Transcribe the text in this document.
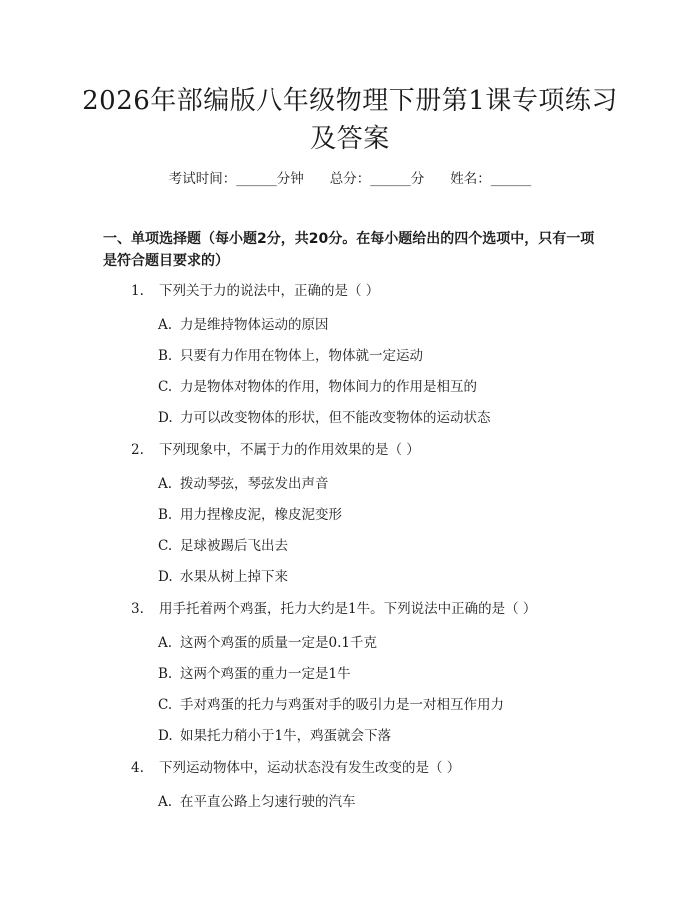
2026年部编版八年级物理下册第1课专项练习及答案
考试时间：______分钟 总分：______分 姓名：______
一、单项选择题（每小题2分，共20分。在每小题给出的四个选项中，只有一项是符合题目要求的）
1. 下列关于力的说法中，正确的是（ ）
A. 力是维持物体运动的原因
B. 只要有力作用在物体上，物体就一定运动
C. 力是物体对物体的作用，物体间力的作用是相互的
D. 力可以改变物体的形状，但不能改变物体的运动状态
2. 下列现象中，不属于力的作用效果的是（ ）
A. 拨动琴弦，琴弦发出声音
B. 用力捏橡皮泥，橡皮泥变形
C. 足球被踢后飞出去
D. 水果从树上掉下来
3. 用手托着两个鸡蛋，托力大约是1牛。下列说法中正确的是（ ）
A. 这两个鸡蛋的质量一定是0.1千克
B. 这两个鸡蛋的重力一定是1牛
C. 手对鸡蛋的托力与鸡蛋对手的吸引力是一对相互作用力
D. 如果托力稍小于1牛，鸡蛋就会下落
4. 下列运动物体中，运动状态没有发生改变的是（ ）
A. 在平直公路上匀速行驶的汽车
